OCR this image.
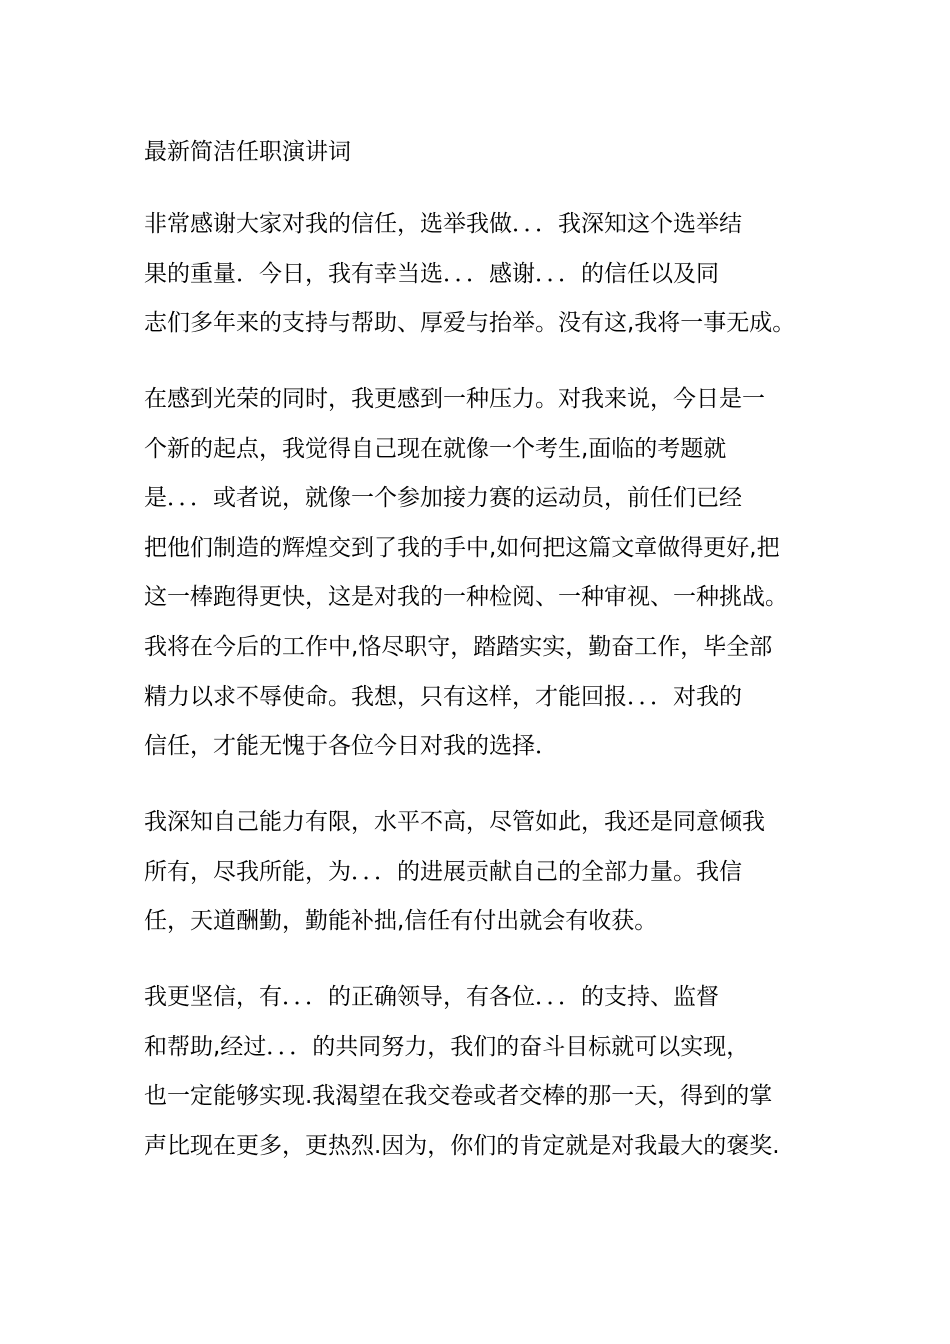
最新简洁任职演讲词
非常感谢大家对我的信任，选举我做．．．我深知这个选举结
果的重量．今日，我有幸当选．．．感谢．．．的信任以及同
志们多年来的支持与帮助、厚爱与抬举。没有这,我将一事无成。
在感到光荣的同时，我更感到一种压力。对我来说，今日是一
个新的起点，我觉得自己现在就像一个考生,面临的考题就
是．．．或者说，就像一个参加接力赛的运动员，前任们已经
把他们制造的辉煌交到了我的手中,如何把这篇文章做得更好,把
这一棒跑得更快，这是对我的一种检阅、一种审视、一种挑战。
我将在今后的工作中,恪尽职守，踏踏实实，勤奋工作，毕全部
精力以求不辱使命。我想，只有这样，才能回报．．．对我的
信任，才能无愧于各位今日对我的选择．
我深知自己能力有限，水平不高，尽管如此，我还是同意倾我
所有，尽我所能，为．．．的进展贡献自己的全部力量。我信
任，天道酬勤，勤能补拙,信任有付出就会有收获。
我更坚信，有．．．的正确领导，有各位．．．的支持、监督
和帮助,经过．．．的共同努力，我们的奋斗目标就可以实现，
也一定能够实现.我渴望在我交卷或者交棒的那一天，得到的掌
声比现在更多，更热烈.因为，你们的肯定就是对我最大的褒奖.
